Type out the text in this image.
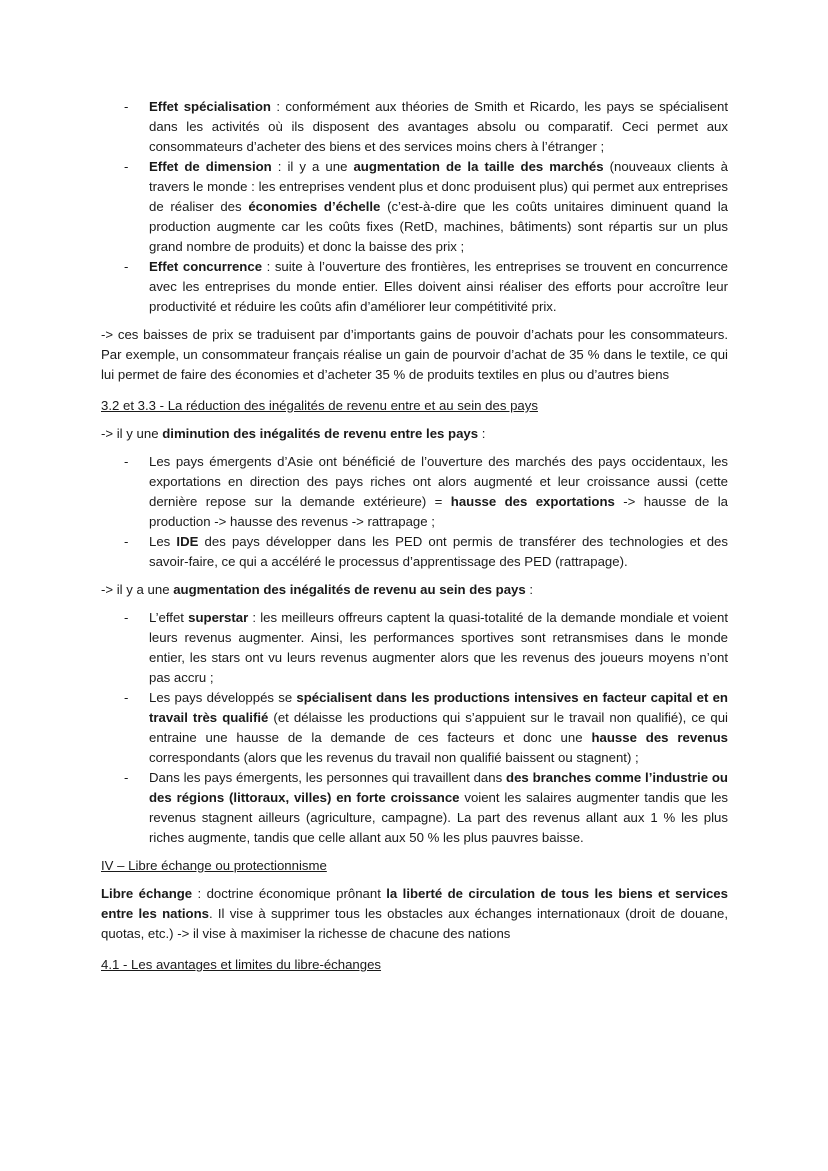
- Effet spécialisation : conformément aux théories de Smith et Ricardo, les pays se spécialisent dans les activités où ils disposent des avantages absolu ou comparatif. Ceci permet aux consommateurs d’acheter des biens et des services moins chers à l’étranger ;
- Effet de dimension : il y a une augmentation de la taille des marchés (nouveaux clients à travers le monde : les entreprises vendent plus et donc produisent plus) qui permet aux entreprises de réaliser des économies d’échelle (c’est-à-dire que les coûts unitaires diminuent quand la production augmente car les coûts fixes (RetD, machines, bâtiments) sont répartis sur un plus grand nombre de produits) et donc la baisse des prix ;
- Effet concurrence : suite à l’ouverture des frontières, les entreprises se trouvent en concurrence avec les entreprises du monde entier. Elles doivent ainsi réaliser des efforts pour accroître leur productivité et réduire les coûts afin d’améliorer leur compétitivité prix.

-> ces baisses de prix se traduisent par d’importants gains de pouvoir d’achats pour les consommateurs. Par exemple, un consommateur français réalise un gain de pourvoir d’achat de 35 % dans le textile, ce qui lui permet de faire des économies et d’acheter 35 % de produits textiles en plus ou d’autres biens

3.2 et 3.3 - La réduction des inégalités de revenu entre et au sein des pays

-> il y une diminution des inégalités de revenu entre les pays :

- Les pays émergents d’Asie ont bénéficié de l’ouverture des marchés des pays occidentaux, les exportations en direction des pays riches ont alors augmenté et leur croissance aussi (cette dernière repose sur la demande extérieure) = hausse des exportations -> hausse de la production -> hausse des revenus -> rattrapage ;
- Les IDE des pays développer dans les PED ont permis de transférer des technologies et des savoir-faire, ce qui a accéléré le processus d’apprentissage des PED (rattrapage).

-> il y a une augmentation des inégalités de revenu au sein des pays :

- L’effet superstar : les meilleurs offreurs captent la quasi-totalité de la demande mondiale et voient leurs revenus augmenter. Ainsi, les performances sportives sont retransmises dans le monde entier, les stars ont vu leurs revenus augmenter alors que les revenus des joueurs moyens n’ont pas accru ;
- Les pays développés se spécialisent dans les productions intensives en facteur capital et en travail très qualifié (et délaisse les productions qui s’appuient sur le travail non qualifié), ce qui entraine une hausse de la demande de ces facteurs et donc une hausse des revenus correspondants (alors que les revenus du travail non qualifié baissent ou stagnent) ;
- Dans les pays émergents, les personnes qui travaillent dans des branches comme l’industrie ou des régions (littoraux, villes) en forte croissance voient les salaires augmenter tandis que les revenus stagnent ailleurs (agriculture, campagne). La part des revenus allant aux 1 % les plus riches augmente, tandis que celle allant aux 50 % les plus pauvres baisse.
IV – Libre échange ou protectionnisme

Libre échange : doctrine économique prônant la liberté de circulation de tous les biens et services entre les nations. Il vise à supprimer tous les obstacles aux échanges internationaux (droit de douane, quotas, etc.) -> il vise à maximiser la richesse de chacune des nations

4.1 - Les avantages et limites du libre-échanges
